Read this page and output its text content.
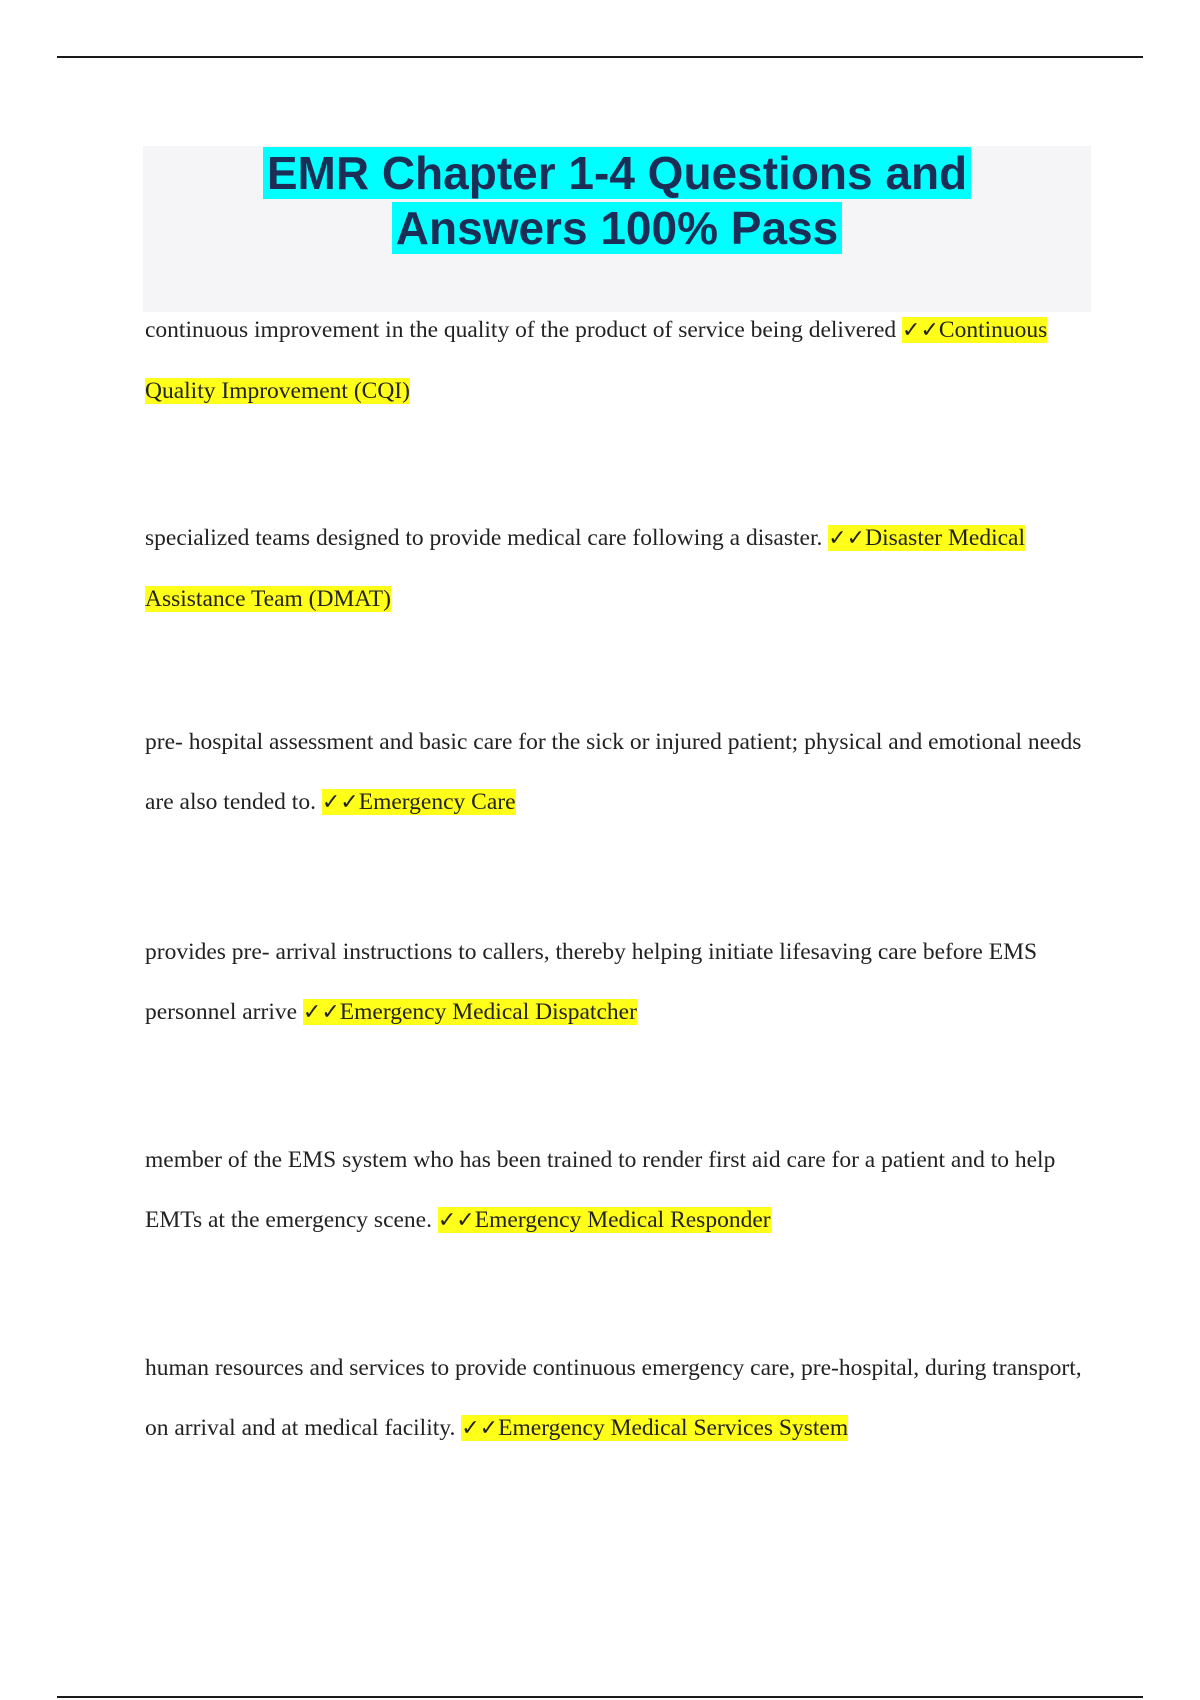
EMR Chapter 1-4 Questions and
Answers 100% Pass

continuous improvement in the quality of the product of service being delivered ✓✓Continuous Quality Improvement (CQI)

specialized teams designed to provide medical care following a disaster. ✓✓Disaster Medical Assistance Team (DMAT)

pre- hospital assessment and basic care for the sick or injured patient; physical and emotional needs are also tended to. ✓✓Emergency Care

provides pre- arrival instructions to callers, thereby helping initiate lifesaving care before EMS personnel arrive ✓✓Emergency Medical Dispatcher

member of the EMS system who has been trained to render first aid care for a patient and to help EMTs at the emergency scene. ✓✓Emergency Medical Responder

human resources and services to provide continuous emergency care, pre-hospital, during transport, on arrival and at medical facility. ✓✓Emergency Medical Services System
